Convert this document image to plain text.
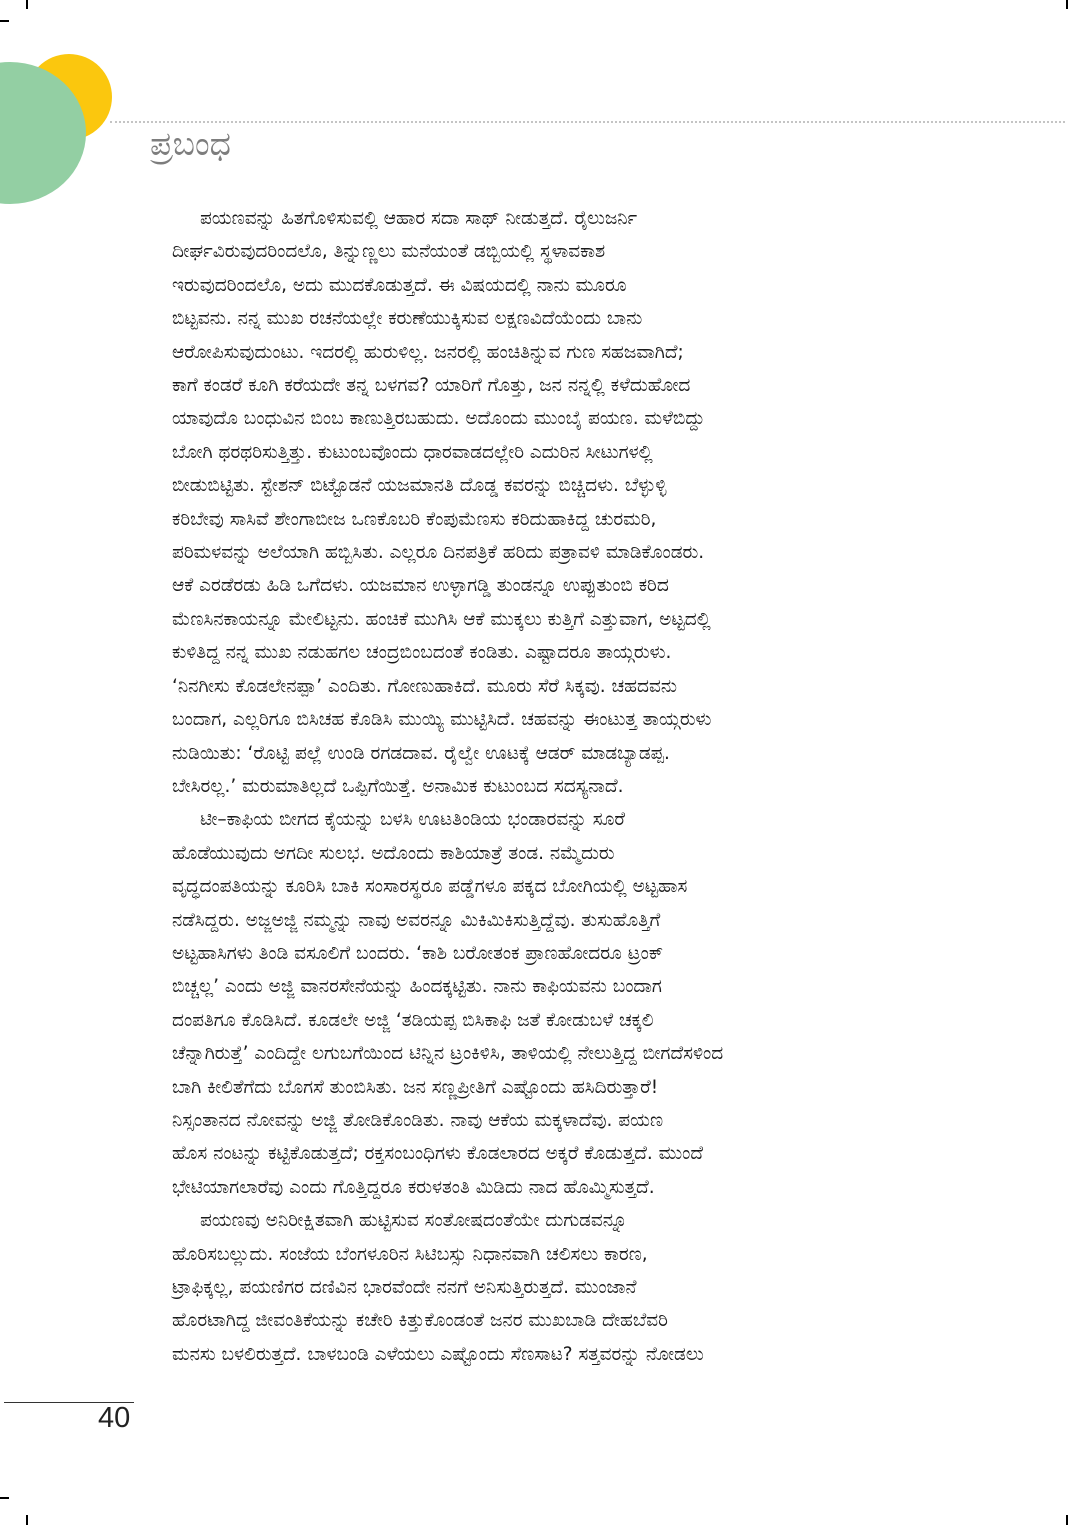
ಪ್ರಬಂಧ

ಪಯಣವನ್ನು ಹಿತಗೊಳಿಸುವಲ್ಲಿ ಆಹಾರ ಸದಾ ಸಾಥ್ ನೀಡುತ್ತದೆ. ರೈಲುಜರ್ನಿ
ದೀರ್ಘವಿರುವುದರಿಂದಲೊ, ತಿನ್ನುಣ್ಣಲು ಮನೆಯಂತೆ ಡಬ್ಬಿಯಲ್ಲಿ ಸ್ಥಳಾವಕಾಶ
ಇರುವುದರಿಂದಲೊ, ಅದು ಮುದಕೊಡುತ್ತದೆ. ಈ ವಿಷಯದಲ್ಲಿ ನಾನು ಮೂರೂ
ಬಿಟ್ಟವನು. ನನ್ನ ಮುಖ ರಚನೆಯಲ್ಲೇ ಕರುಣೆಯುಕ್ಕಿಸುವ ಲಕ್ಷಣವಿದೆಯೆಂದು ಬಾನು
ಆರೋಪಿಸುವುದುಂಟು. ಇದರಲ್ಲಿ ಹುರುಳಿಲ್ಲ. ಜನರಲ್ಲಿ ಹಂಚಿತಿನ್ನುವ ಗುಣ ಸಹಜವಾಗಿದೆ;
ಕಾಗೆ ಕಂಡರೆ ಕೂಗಿ ಕರೆಯದೇ ತನ್ನ ಬಳಗವ? ಯಾರಿಗೆ ಗೊತ್ತು, ಜನ ನನ್ನಲ್ಲಿ ಕಳೆದುಹೋದ
ಯಾವುದೊ ಬಂಧುವಿನ ಬಿಂಬ ಕಾಣುತ್ತಿರಬಹುದು. ಅದೊಂದು ಮುಂಬೈ ಪಯಣ. ಮಳೆಬಿದ್ದು
ಬೋಗಿ ಥರಥರಿಸುತ್ತಿತ್ತು. ಕುಟುಂಬವೊಂದು ಧಾರವಾಡದಲ್ಲೇರಿ ಎದುರಿನ ಸೀಟುಗಳಲ್ಲಿ
ಬೀಡುಬಿಟ್ಟಿತು. ಸ್ಟೇಶನ್ ಬಿಟ್ಟೊಡನೆ ಯಜಮಾನತಿ ದೊಡ್ಡ ಕವರನ್ನು ಬಿಚ್ಚಿದಳು. ಬೆಳ್ಳುಳ್ಳಿ
ಕರಿಬೇವು ಸಾಸಿವೆ ಶೇಂಗಾಬೀಜ ಒಣಕೊಬರಿ ಕೆಂಪುಮೆಣಸು ಕರಿದುಹಾಕಿದ್ದ ಚುರಮರಿ,
ಪರಿಮಳವನ್ನು ಅಲೆಯಾಗಿ ಹಬ್ಬಿಸಿತು. ಎಲ್ಲರೂ ದಿನಪತ್ರಿಕೆ ಹರಿದು ಪತ್ರಾವಳಿ ಮಾಡಿಕೊಂಡರು.
ಆಕೆ ಎರಡೆರಡು ಹಿಡಿ ಒಗೆದಳು. ಯಜಮಾನ ಉಳ್ಳಾಗಡ್ಡಿ ತುಂಡನ್ನೂ ಉಪ್ಪುತುಂಬಿ ಕರಿದ
ಮೆಣಸಿನಕಾಯನ್ನೂ ಮೇಲಿಟ್ಟನು. ಹಂಚಿಕೆ ಮುಗಿಸಿ ಆಕೆ ಮುಕ್ಕಲು ಕುತ್ತಿಗೆ ಎತ್ತುವಾಗ, ಅಟ್ಟದಲ್ಲಿ
ಕುಳಿತಿದ್ದ ನನ್ನ ಮುಖ ನಡುಹಗಲ ಚಂದ್ರಬಿಂಬದಂತೆ ಕಂಡಿತು. ಎಷ್ಟಾದರೂ ತಾಯ್ಗರುಳು.
‘ನಿನಗೀಸು ಕೊಡಲೇನಪ್ಪಾ’ ಎಂದಿತು. ಗೋಣುಹಾಕಿದೆ. ಮೂರು ಸೆರೆ ಸಿಕ್ಕವು. ಚಹದವನು
ಬಂದಾಗ, ಎಲ್ಲರಿಗೂ ಬಿಸಿಚಹ ಕೊಡಿಸಿ ಮುಯ್ಯಿ ಮುಟ್ಟಿಸಿದೆ. ಚಹವನ್ನು ಈಂಟುತ್ತ ತಾಯ್ಗರುಳು
ನುಡಿಯಿತು: ‘ರೊಟ್ಟಿ ಪಲ್ಲೆ ಉಂಡಿ ರಗಡದಾವ. ರೈಲ್ವೇ ಊಟಕ್ಕೆ ಆಡರ್ ಮಾಡಬ್ಯಾಡಪ್ಪ.
ಬೇಸಿರಲ್ಲ.’ ಮರುಮಾತಿಲ್ಲದೆ ಒಪ್ಪಿಗೆಯಿತ್ತೆ. ಅನಾಮಿಕ ಕುಟುಂಬದ ಸದಸ್ಯನಾದೆ.

ಟೀ–ಕಾಫಿಯ ಬೀಗದ ಕೈಯನ್ನು ಬಳಸಿ ಊಟತಿಂಡಿಯ ಭಂಡಾರವನ್ನು ಸೂರೆ
ಹೊಡೆಯುವುದು ಅಗದೀ ಸುಲಭ. ಅದೊಂದು ಕಾಶಿಯಾತ್ರೆ ತಂಡ. ನಮ್ಮೆದುರು
ವೃದ್ಧದಂಪತಿಯನ್ನು ಕೂರಿಸಿ ಬಾಕಿ ಸಂಸಾರಸ್ಥರೂ ಪಡ್ಡೆಗಳೂ ಪಕ್ಕದ ಬೋಗಿಯಲ್ಲಿ ಅಟ್ಟಹಾಸ
ನಡೆಸಿದ್ದರು. ಅಜ್ಜಅಜ್ಜಿ ನಮ್ಮನ್ನು ನಾವು ಅವರನ್ನೂ ಮಿಕಿಮಿಕಿಸುತ್ತಿದ್ದೆವು. ತುಸುಹೊತ್ತಿಗೆ
ಅಟ್ಟಹಾಸಿಗಳು ತಿಂಡಿ ವಸೂಲಿಗೆ ಬಂದರು. ‘ಕಾಶಿ ಬರೋತಂಕ ಪ್ರಾಣಹೋದರೂ ಟ್ರಂಕ್
ಬಿಚ್ಚಲ್ಲ’ ಎಂದು ಅಜ್ಜಿ ವಾನರಸೇನೆಯನ್ನು ಹಿಂದಕ್ಕಟ್ಟಿತು. ನಾನು ಕಾಫಿಯವನು ಬಂದಾಗ
ದಂಪತಿಗೂ ಕೊಡಿಸಿದೆ. ಕೂಡಲೇ ಅಜ್ಜಿ ‘ತಡಿಯಪ್ಪ ಬಿಸಿಕಾಫಿ ಜತೆ ಕೋಡುಬಳೆ ಚಕ್ಕಲಿ
ಚೆನ್ನಾಗಿರುತ್ತೆ’ ಎಂದಿದ್ದೇ ಲಗುಬಗೆಯಿಂದ ಟಿನ್ನಿನ ಟ್ರಂಕಿಳಿಸಿ, ತಾಳಿಯಲ್ಲಿ ನೇಲುತ್ತಿದ್ದ ಬೀಗದೆಸಳಿಂದ
ಬಾಗಿ ಕೀಲಿತೆಗೆದು ಬೊಗಸೆ ತುಂಬಿಸಿತು. ಜನ ಸಣ್ಣಪ್ರೀತಿಗೆ ಎಷ್ಟೊಂದು ಹಸಿದಿರುತ್ತಾರೆ!
ನಿಸ್ಸಂತಾನದ ನೋವನ್ನು ಅಜ್ಜಿ ತೋಡಿಕೊಂಡಿತು. ನಾವು ಆಕೆಯ ಮಕ್ಕಳಾದೆವು. ಪಯಣ
ಹೊಸ ನಂಟನ್ನು ಕಟ್ಟಿಕೊಡುತ್ತದೆ; ರಕ್ತಸಂಬಂಧಿಗಳು ಕೊಡಲಾರದ ಅಕ್ಕರೆ ಕೊಡುತ್ತದೆ. ಮುಂದೆ
ಭೇಟಿಯಾಗಲಾರೆವು ಎಂದು ಗೊತ್ತಿದ್ದರೂ ಕರುಳತಂತಿ ಮಿಡಿದು ನಾದ ಹೊಮ್ಮಿಸುತ್ತದೆ.

ಪಯಣವು ಅನಿರೀಕ್ಷಿತವಾಗಿ ಹುಟ್ಟಿಸುವ ಸಂತೋಷದಂತೆಯೇ ದುಗುಡವನ್ನೂ
ಹೊರಿಸಬಲ್ಲುದು. ಸಂಜೆಯ ಬೆಂಗಳೂರಿನ ಸಿಟಿಬಸ್ಸು ನಿಧಾನವಾಗಿ ಚಲಿಸಲು ಕಾರಣ,
ಟ್ರಾಫಿಕ್ಕಲ್ಲ, ಪಯಣಿಗರ ದಣಿವಿನ ಭಾರವೆಂದೇ ನನಗೆ ಅನಿಸುತ್ತಿರುತ್ತದೆ. ಮುಂಜಾನೆ
ಹೊರಟಾಗಿದ್ದ ಜೀವಂತಿಕೆಯನ್ನು ಕಚೇರಿ ಕಿತ್ತುಕೊಂಡಂತೆ ಜನರ ಮುಖಬಾಡಿ ದೇಹಬೆವರಿ
ಮನಸು ಬಳಲಿರುತ್ತದೆ. ಬಾಳಬಂಡಿ ಎಳೆಯಲು ಎಷ್ಟೊಂದು ಸೆಣಸಾಟ? ಸತ್ತವರನ್ನು ನೋಡಲು

40
